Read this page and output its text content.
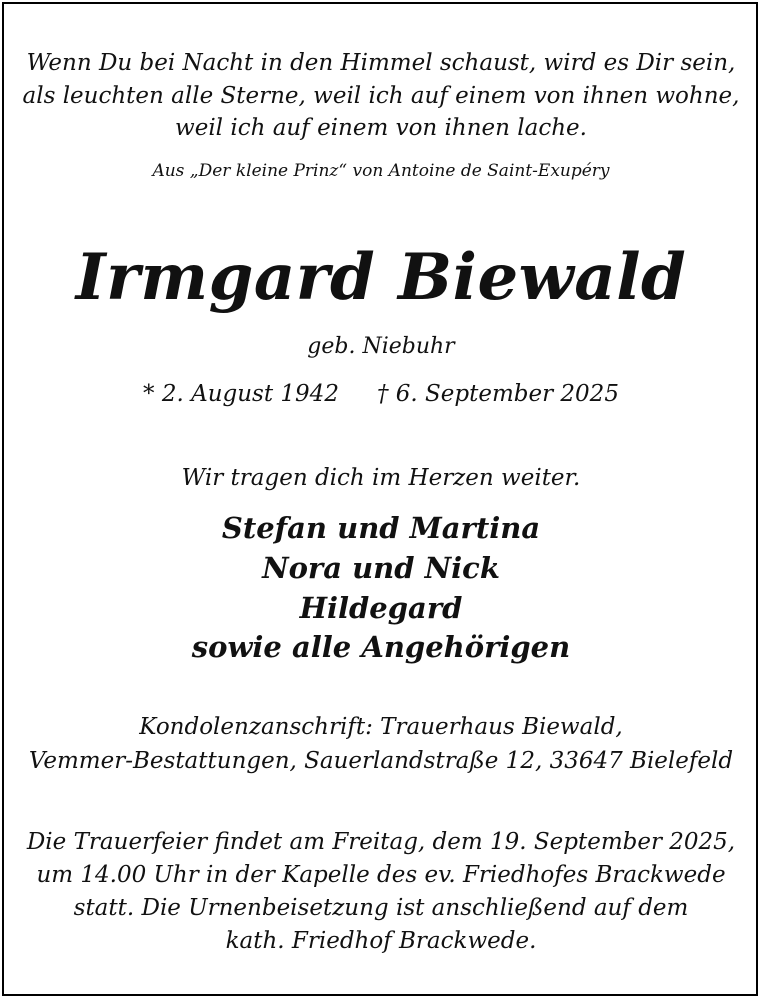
Wenn Du bei Nacht in den Himmel schaust, wird es Dir sein,
als leuchten alle Sterne, weil ich auf einem von ihnen wohne,
weil ich auf einem von ihnen lache.
Aus „Der kleine Prinz“ von Antoine de Saint-Exupéry
Irmgard Biewald
geb. Niebuhr
* 2. August 1942 † 6. September 2025
Wir tragen dich im Herzen weiter.
Stefan und Martina
Nora und Nick
Hildegard
sowie alle Angehörigen
Kondolenzanschrift: Trauerhaus Biewald,
Vemmer-Bestattungen, Sauerlandstraße 12, 33647 Bielefeld
Die Trauerfeier findet am Freitag, dem 19. September 2025,
um 14.00 Uhr in der Kapelle des ev. Friedhofes Brackwede
statt. Die Urnenbeisetzung ist anschließend auf dem
kath. Friedhof Brackwede.
